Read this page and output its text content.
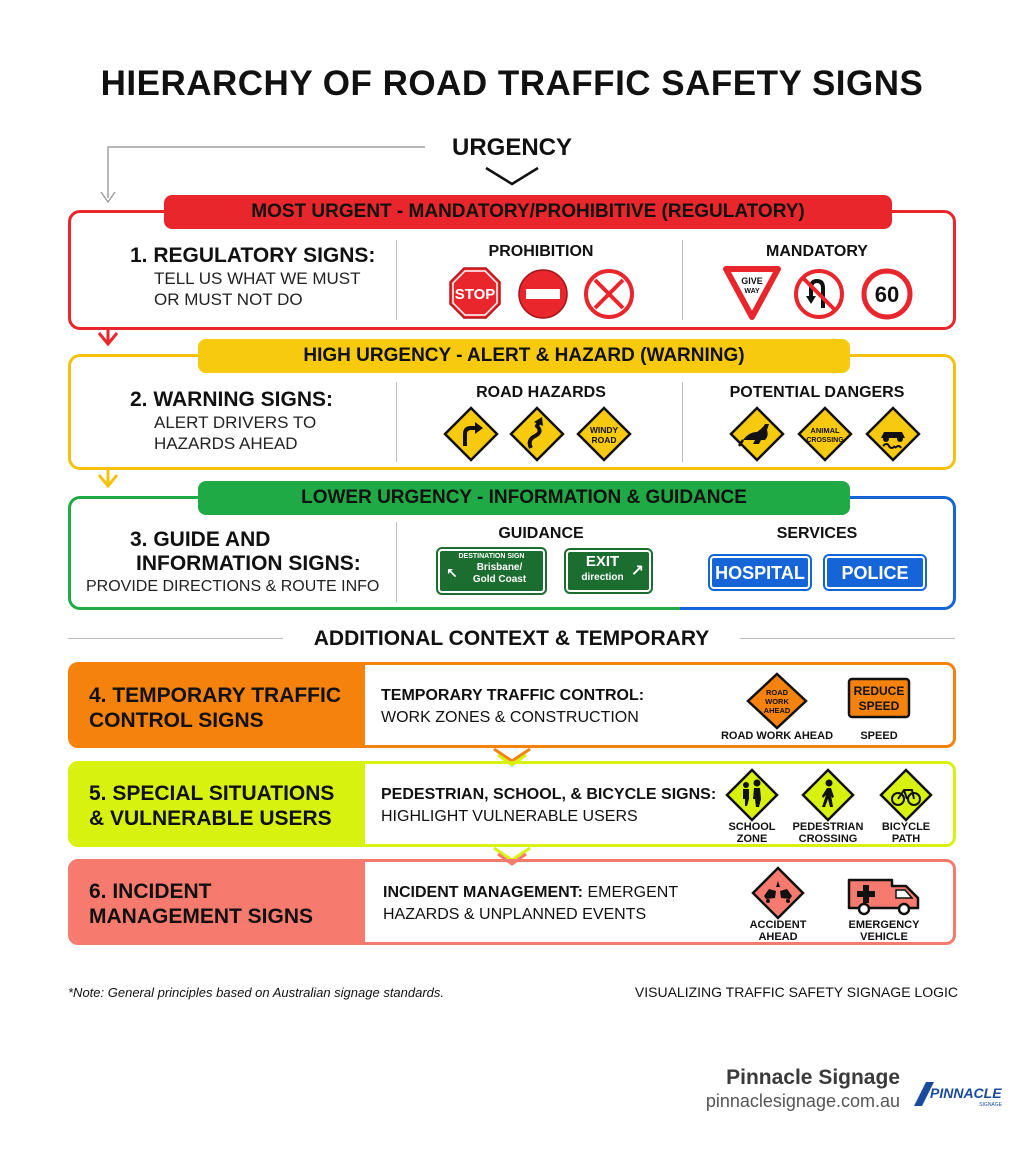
HIERARCHY OF ROAD TRAFFIC SAFETY SIGNS
URGENCY
MOST URGENT - MANDATORY/PROHIBITIVE (REGULATORY)
1. REGULATORY SIGNS:
TELL US WHAT WE MUST
OR MUST NOT DO
PROHIBITION	MANDATORY
STOP
GIVE
WAY	60
HIGH URGENCY - ALERT & HAZARD (WARNING)
2. WARNING SIGNS:
ALERT DRIVERS TO
HAZARDS AHEAD
ROAD HAZARDS	POTENTIAL DANGERS
WINDY
ROAD
ANIMAL
CROSSING
LOWER URGENCY - INFORMATION & GUIDANCE
3. GUIDE AND
INFORMATION SIGNS:
PROVIDE DIRECTIONS & ROUTE INFO
GUIDANCE	SERVICES
DESTINATION SIGN
↖	Brisbane/
Gold Coast
EXIT
direction ↗	HOSPITAL	POLICE
ADDITIONAL CONTEXT & TEMPORARY
4. TEMPORARY TRAFFIC
CONTROL SIGNS
TEMPORARY TRAFFIC CONTROL:
WORK ZONES & CONSTRUCTION
ROAD
WORK
AHEAD
ROAD WORK AHEAD
REDUCE
SPEED
SPEED
5. SPECIAL SITUATIONS
& VULNERABLE USERS
PEDESTRIAN, SCHOOL, & BICYCLE SIGNS:
HIGHLIGHT VULNERABLE USERS
SCHOOL
ZONE
PEDESTRIAN
CROSSING
BICYCLE
PATH
6. INCIDENT
MANAGEMENT SIGNS
INCIDENT MANAGEMENT: EMERGENT
HAZARDS & UNPLANNED EVENTS
ACCIDENT
AHEAD
EMERGENCY
VEHICLE
*Note: General principles based on Australian signage standards.	VISUALIZING TRAFFIC SAFETY SIGNAGE LOGIC
Pinnacle Signage
pinnaclesignage.com.au PINNACLE
SIGNAGE
